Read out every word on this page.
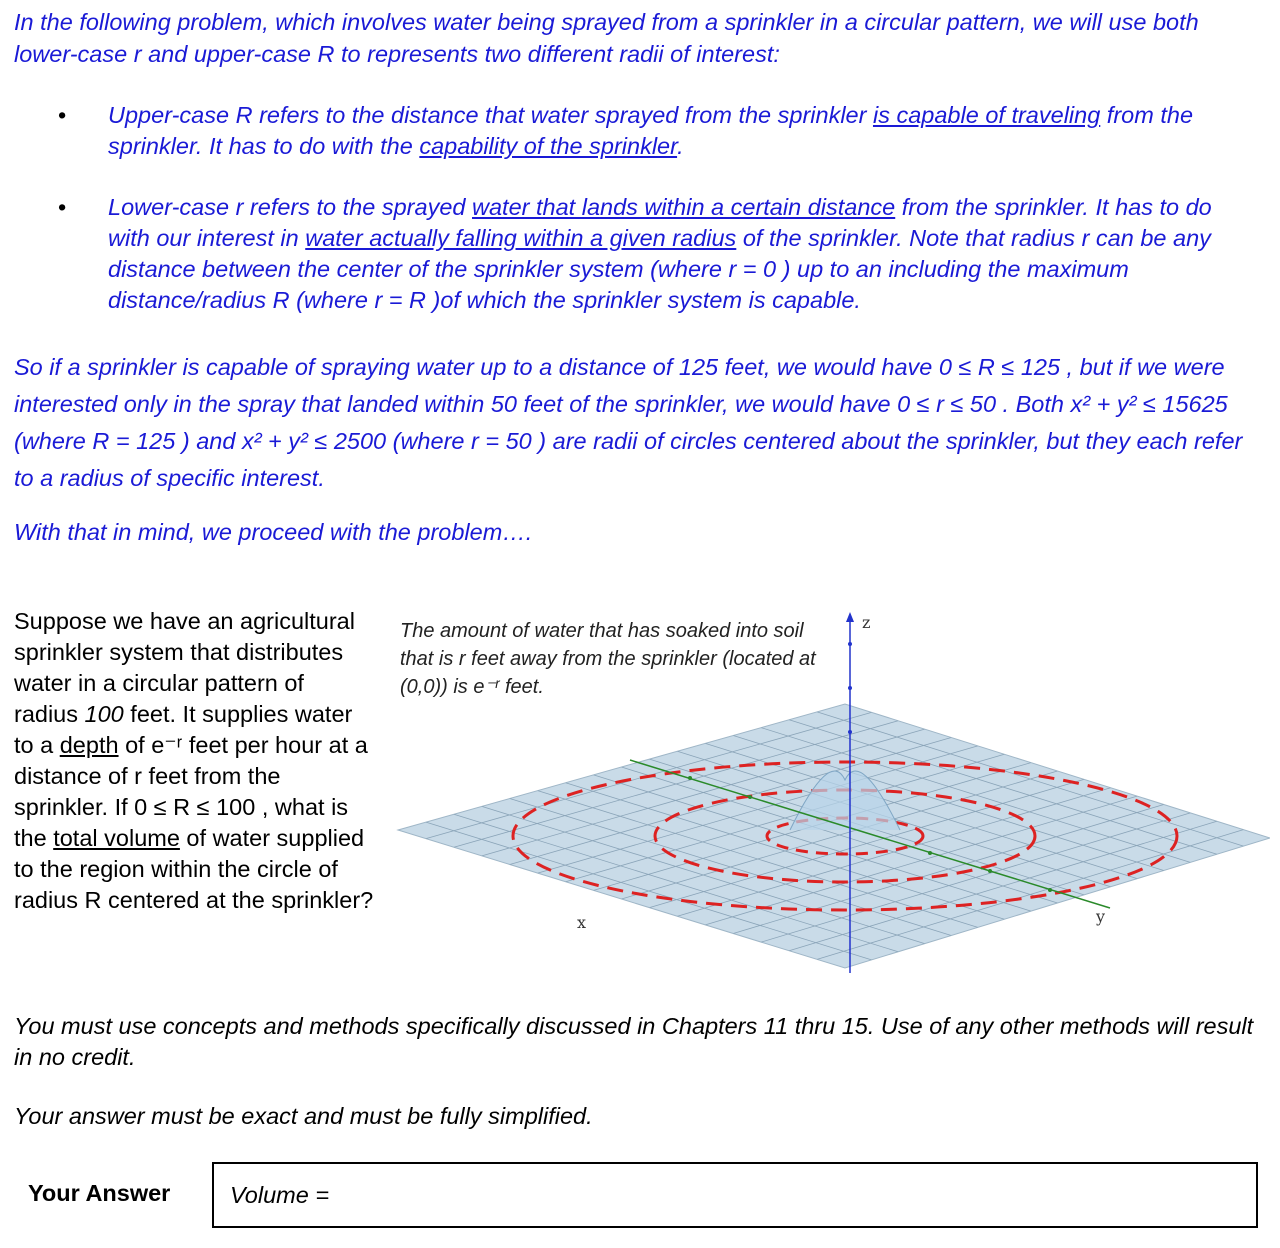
In the following problem, which involves water being sprayed from a sprinkler in a circular pattern, we will use both lower-case r and upper-case R to represents two different radii of interest:

• Upper-case R refers to the distance that water sprayed from the sprinkler is capable of traveling from the sprinkler. It has to do with the capability of the sprinkler.
• Lower-case r refers to the sprayed water that lands within a certain distance from the sprinkler. It has to do with our interest in water actually falling within a given radius of the sprinkler. Note that radius r can be any distance between the center of the sprinkler system (where r = 0 ) up to an including the maximum distance/radius R (where r = R )of which the sprinkler system is capable.

So if a sprinkler is capable of spraying water up to a distance of 125 feet, we would have 0 ≤ R ≤ 125 , but if we were interested only in the spray that landed within 50 feet of the sprinkler, we would have 0 ≤ r ≤ 50 . Both x² + y² ≤ 15625 (where R = 125 ) and x² + y² ≤ 2500 (where r = 50 ) are radii of circles centered about the sprinkler, but they each refer to a radius of specific interest.

With that in mind, we proceed with the problem….

Suppose we have an agricultural sprinkler system that distributes water in a circular pattern of radius 100 feet. It supplies water to a depth of e⁻ʳ feet per hour at a distance of r feet from the sprinkler. If 0 ≤ R ≤ 100 , what is the total volume of water supplied to the region within the circle of radius R centered at the sprinkler?

x	y
z
The amount of water that has soaked into soil that is r feet away from the sprinkler (located at (0,0)) is e⁻ʳ feet.

You must use concepts and methods specifically discussed in Chapters 11 thru 15. Use of any other methods will result in no credit.

Your answer must be exact and must be fully simplified.

Your Answer	Volume =
